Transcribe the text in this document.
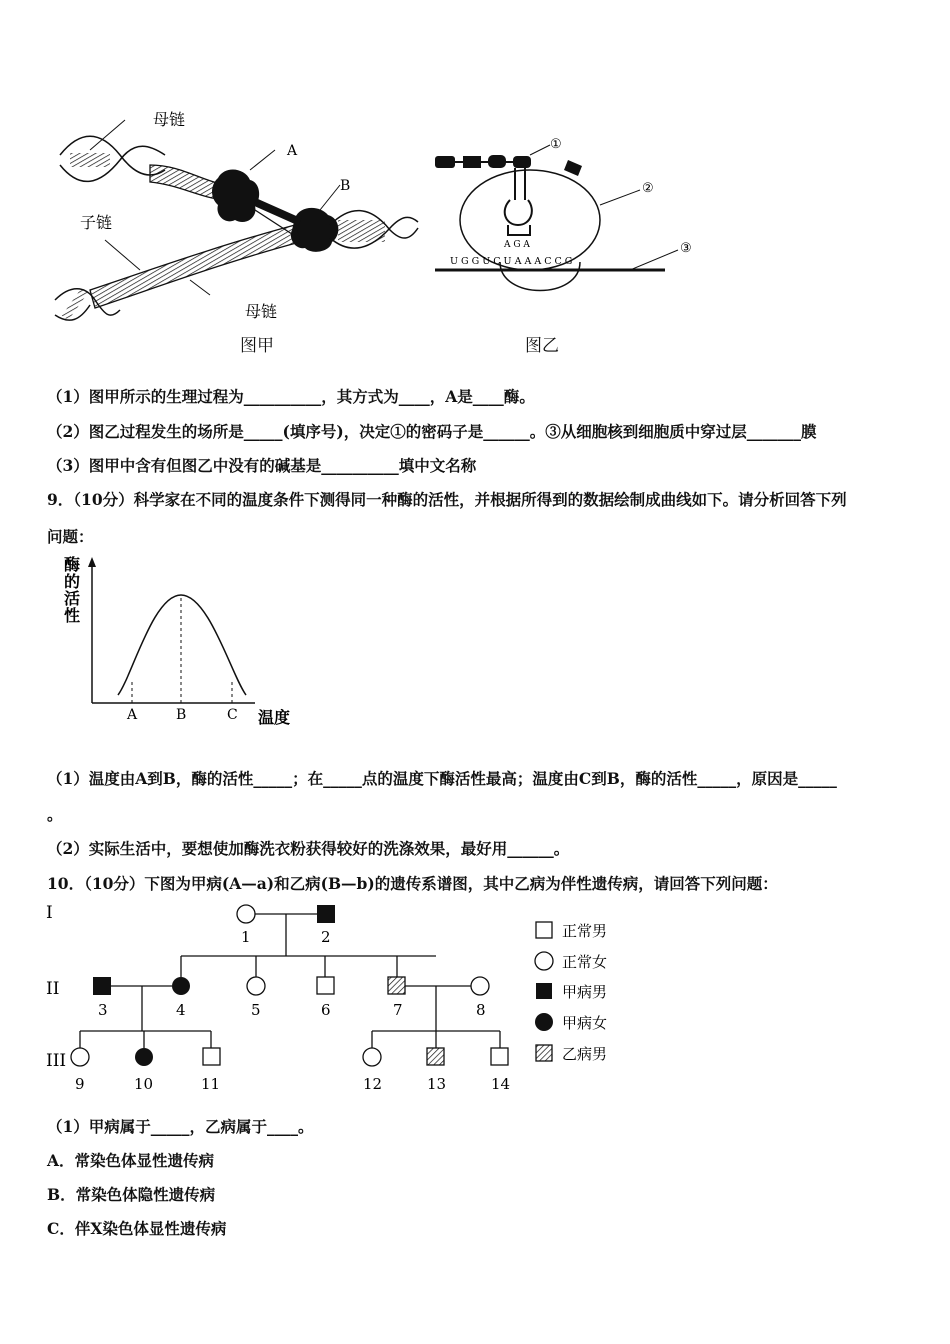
母链
A
B
子链
母链
图甲
①
②
A G A	③
U G G U C U A A A C C G
图乙
（1）图甲所示的生理过程为__________，其方式为____，A是____酶。
（2）图乙过程发生的场所是_____(填序号)，决定①的密码子是______。③从细胞核到细胞质中穿过层_______膜
（3）图甲中含有但图乙中没有的碱基是__________填中文名称
9．（10分）科学家在不同的温度条件下测得同一种酶的活性，并根据所得到的数据绘制成曲线如下。请分析回答下列
问题：
酶的活性
温度
A	B	C
（1）温度由A到B，酶的活性_____；在_____点的温度下酶活性最高；温度由C到B，酶的活性_____，原因是_____
。
（2）实际生活中，要想使加酶洗衣粉获得较好的洗涤效果，最好用______。
10．（10分）下图为甲病(A—a)和乙病(B—b)的遗传系谱图，其中乙病为伴性遗传病，请回答下列问题：
I
II
III
1	2
3	4	5	6	7	8
9	10	11	12	13	14
正常男
正常女
甲病男
甲病女
乙病男
（1）甲病属于_____，乙病属于____。
A．常染色体显性遗传病
B．常染色体隐性遗传病
C．伴X染色体显性遗传病
